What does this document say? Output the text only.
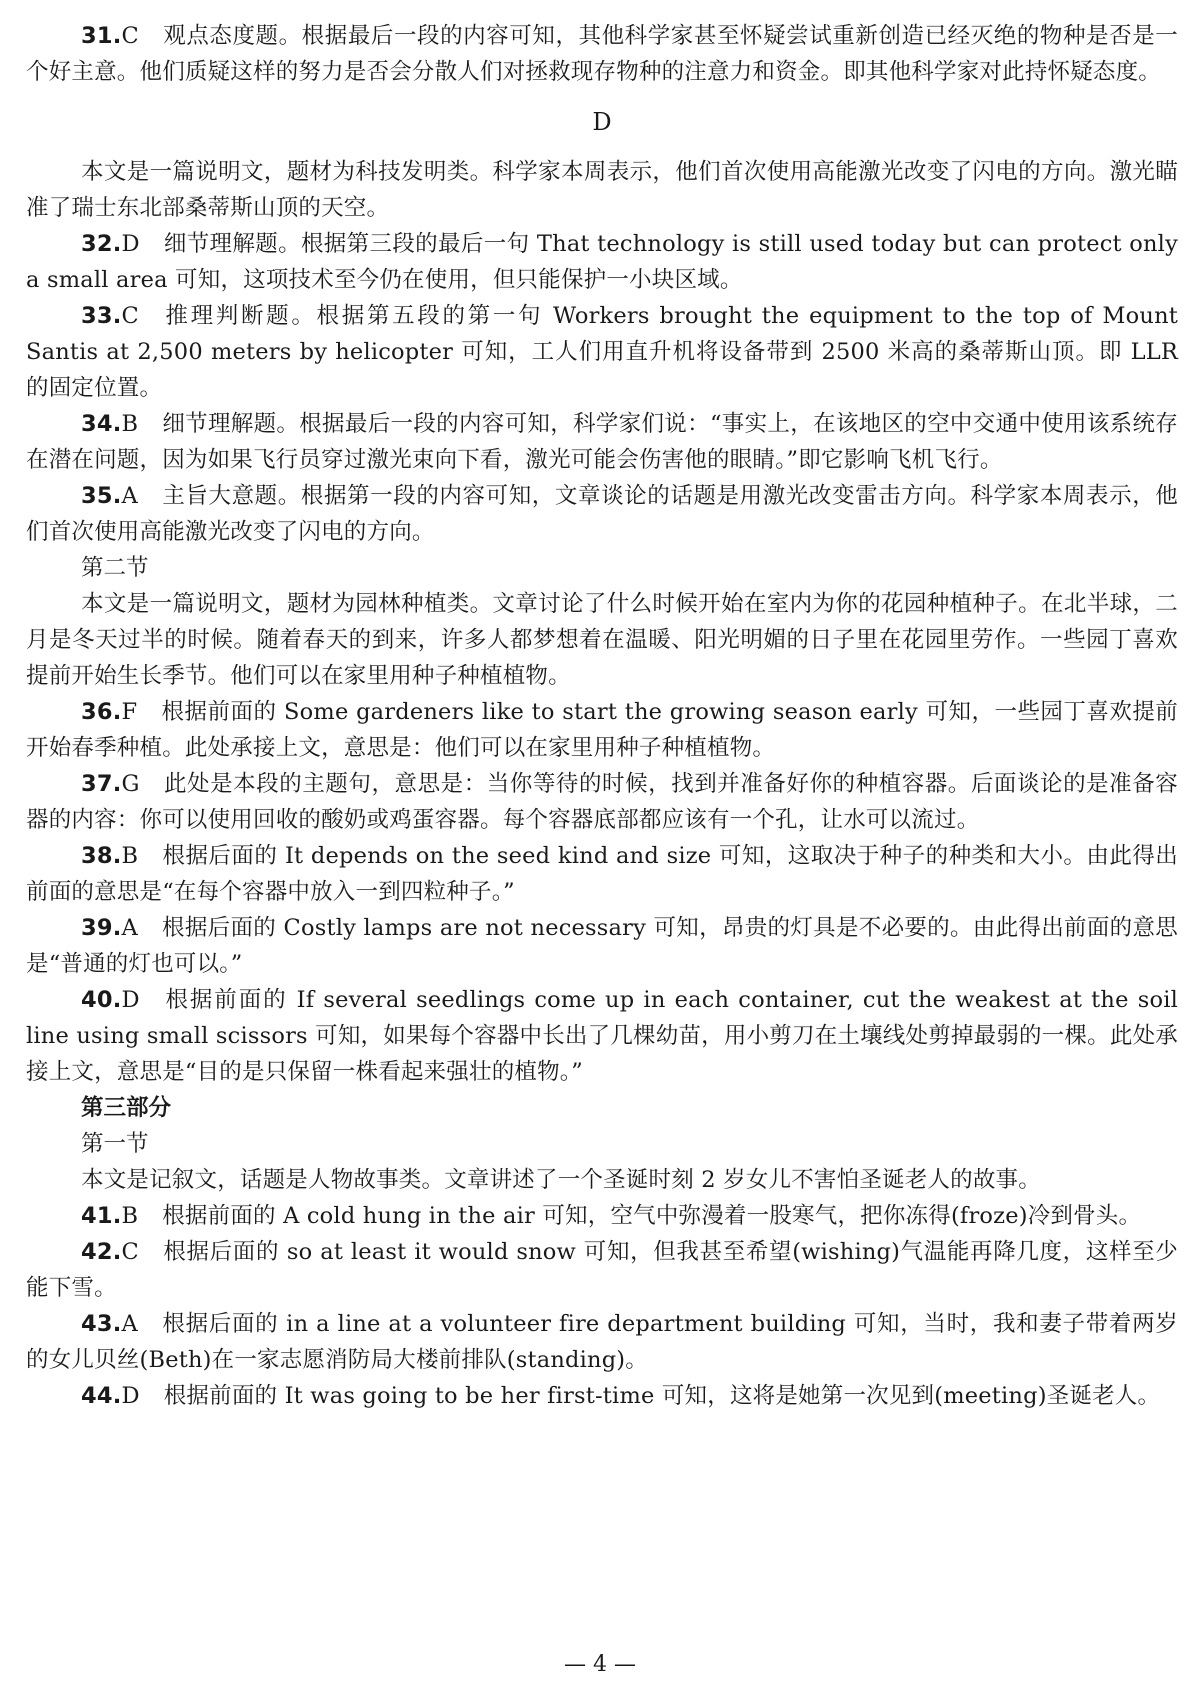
31.C 观点态度题。根据最后一段的内容可知，其他科学家甚至怀疑尝试重新创造已经灭绝的物种是否是一个好主意。他们质疑这样的努力是否会分散人们对拯救现存物种的注意力和资金。即其他科学家对此持怀疑态度。

D

本文是一篇说明文，题材为科技发明类。科学家本周表示，他们首次使用高能激光改变了闪电的方向。激光瞄准了瑞士东北部桑蒂斯山顶的天空。

32.D 细节理解题。根据第三段的最后一句 That technology is still used today but can protect only a small area 可知，这项技术至今仍在使用，但只能保护一小块区域。

33.C 推理判断题。根据第五段的第一句 Workers brought the equipment to the top of Mount Santis at 2,500 meters by helicopter 可知，工人们用直升机将设备带到 2500 米高的桑蒂斯山顶。即 LLR 的固定位置。

34.B 细节理解题。根据最后一段的内容可知，科学家们说：“事实上，在该地区的空中交通中使用该系统存在潜在问题，因为如果飞行员穿过激光束向下看，激光可能会伤害他的眼睛。”即它影响飞机飞行。

35.A 主旨大意题。根据第一段的内容可知，文章谈论的话题是用激光改变雷击方向。科学家本周表示，他们首次使用高能激光改变了闪电的方向。

第二节

本文是一篇说明文，题材为园林种植类。文章讨论了什么时候开始在室内为你的花园种植种子。在北半球，二月是冬天过半的时候。随着春天的到来，许多人都梦想着在温暖、阳光明媚的日子里在花园里劳作。一些园丁喜欢提前开始生长季节。他们可以在家里用种子种植植物。

36.F 根据前面的 Some gardeners like to start the growing season early 可知，一些园丁喜欢提前开始春季种植。此处承接上文，意思是：他们可以在家里用种子种植植物。

37.G 此处是本段的主题句，意思是：当你等待的时候，找到并准备好你的种植容器。后面谈论的是准备容器的内容：你可以使用回收的酸奶或鸡蛋容器。每个容器底部都应该有一个孔，让水可以流过。

38.B 根据后面的 It depends on the seed kind and size 可知，这取决于种子的种类和大小。由此得出前面的意思是“在每个容器中放入一到四粒种子。”

39.A 根据后面的 Costly lamps are not necessary 可知，昂贵的灯具是不必要的。由此得出前面的意思是“普通的灯也可以。”

40.D 根据前面的 If several seedlings come up in each container, cut the weakest at the soil line using small scissors 可知，如果每个容器中长出了几棵幼苗，用小剪刀在土壤线处剪掉最弱的一棵。此处承接上文，意思是“目的是只保留一株看起来强壮的植物。”

第三部分

第一节

本文是记叙文，话题是人物故事类。文章讲述了一个圣诞时刻 2 岁女儿不害怕圣诞老人的故事。

41.B 根据前面的 A cold hung in the air 可知，空气中弥漫着一股寒气，把你冻得(froze)冷到骨头。

42.C 根据后面的 so at least it would snow 可知，但我甚至希望(wishing)气温能再降几度，这样至少能下雪。

43.A 根据后面的 in a line at a volunteer fire department building 可知，当时，我和妻子带着两岁的女儿贝丝(Beth)在一家志愿消防局大楼前排队(standing)。

44.D 根据前面的 It was going to be her first-time 可知，这将是她第一次见到(meeting)圣诞老人。

— 4 —
